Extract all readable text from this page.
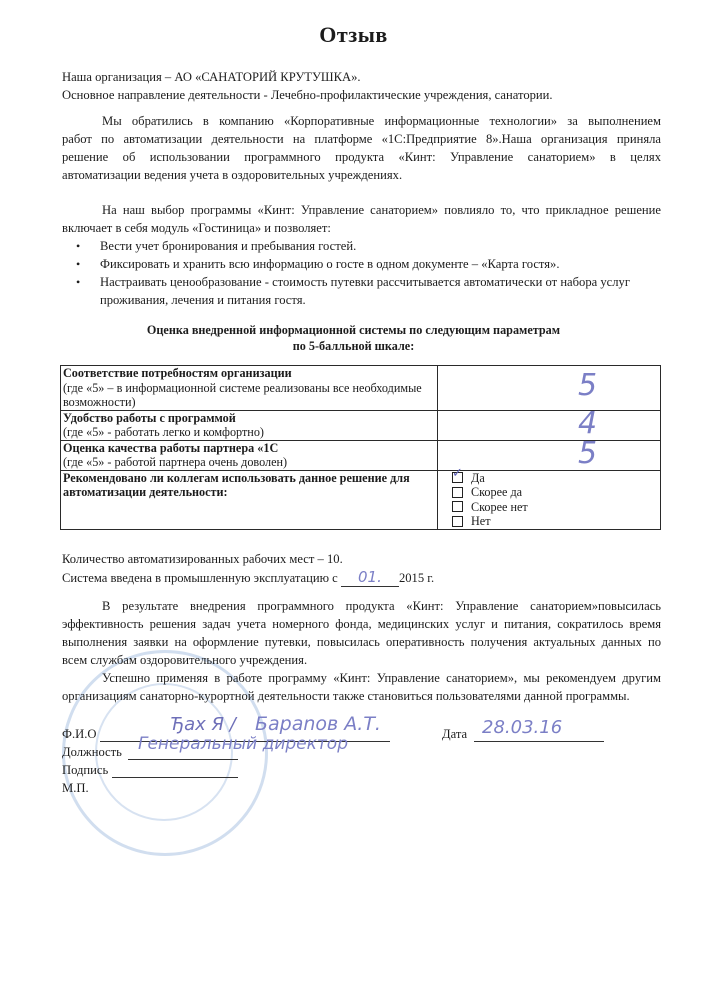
Отзыв
Наша организация – АО «САНАТОРИЙ КРУТУШКА».
Основное направление деятельности - Лечебно-профилактические учреждения, санатории.
Мы обратились в компанию «Корпоративные информационные технологии» за выполнением
работ по автоматизации деятельности на платформе «1С:Предприятие 8».Наша организация приняла
решение об использовании программного продукта «Кинт: Управление санаторием» в целях
автоматизации ведения учета в оздоровительных учреждениях.
На наш выбор программы «Кинт: Управление санаторием» повлияло то, что прикладное решение
включает в себя модуль «Гостиница» и позволяет:
• Вести учет бронирования и пребывания гостей.
• Фиксировать и хранить всю информацию о госте в одном документе – «Карта гостя».
• Настраивать ценообразование - стоимость путевки рассчитывается автоматически от набора услуг
проживания, лечения и питания гостя.
Оценка внедренной информационной системы по следующим параметрам
по 5-балльной шкале:
Соответствие потребностям организации
(где «5» – в информационной системе реализованы все необходимые возможности)	5

Удобство работы с программой
(где «5» - работать легко и комфортно)	4

Оценка качества работы партнера «1С
(где «5» - работой партнера очень доволен)	5

Рекомендовано ли коллегам использовать данное решение для автоматизации деятельности:	✓ Да
Скорее да
Скорее нет
Нет
Количество автоматизированных рабочих мест – 10.
Система введена в промышленную эксплуатацию с 01. 2015 г.
В результате внедрения программного продукта «Кинт: Управление санаторием»повысилась
эффективность решения задач учета номерного фонда, медицинских услуг и питания, сократилось время
выполнения заявки на оформление путевки, повысилась оперативность получения актуальных данных по
всем службам оздоровительного учреждения.
Успешно применяя в работе программу «Кинт: Управление санаторием», мы рекомендуем другим
организациям санаторно-курортной деятельности также становиться пользователями данной программы.
Ф.И.О	Ђах Я / Бараnов А.Т.	Дата 28.03.16
Должность Генеральный директор
Подпись
М.П.
